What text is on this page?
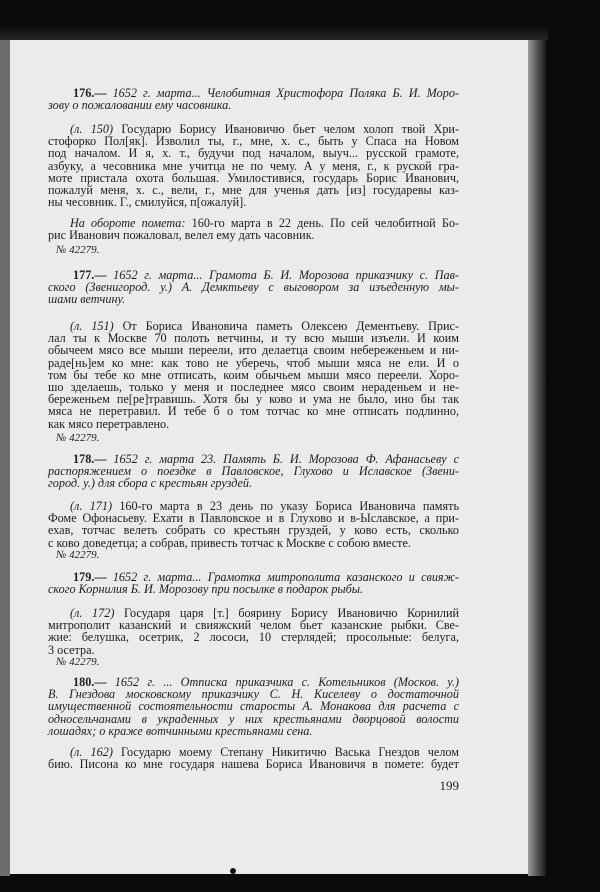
176.— 1652 г. марта... Челобитная Христофора Поляка Б. И. Моро-
зову о пожаловании ему часовника.
(л. 150) Государю Борису Ивановичю бьет челом холоп твой Хри-
стофорко Пол[як]. Изволил ты, г., мне, х. с., быть у Спаса на Новом
под началом. И я, х. т., будучи под началом, выуч... русской грамоте,
азбуку, а чесовника мне учитца не по чему. А у меня, г., к руской гра-
моте пристала охота большая. Умилостивися, государь Борис Иванович,
пожалуй меня, х. с., вели, г., мне для ученья дать [из] государевы каз-
ны чесовник. Г., смилуйся, п[ожалуй].
На обороте помета: 160-го марта в 22 день. По сей челобитной Бо-
рис Иванович пожаловал, велел ему дать часовник.
№ 42279.
177.— 1652 г. марта... Грамота Б. И. Морозова приказчику с. Пав-
ского (Звенигород. у.) А. Демктьеву с выговором за изъеденную мы-
шами ветчину.
(л. 151) От Бориса Ивановича паметь Олексею Дементьеву. Прис-
лал ты к Москве 70 полоть ветчины, и ту всю мыши изъели. И коим
обычеем мясо все мыши переели, ито делаетца своим небереженьем и ни-
раде[нь]ем ко мне: как тово не уберечь, чтоб мыши мяса не ели. И о
том бы тебе ко мне отписать, коим обычьем мыши мясо переели. Хоро-
шо зделаешь, только у меня и последнее мясо своим нераденьем и не-
береженьем пе[ре]травишь. Хотя бы у ково и ума не было, ино бы так
мяса не перетравил. И тебе б о том тотчас ко мне отписать подлинно,
как мясо перетравлено.
№ 42279.
178.— 1652 г. марта 23. Память Б. И. Морозова Ф. Афанасьеву с
распоряжением о поездке в Павловское, Глухово и Иславское (Звени-
город. у.) для сбора с крестьян груздей.
(л. 171) 160-го марта в 23 день по указу Бориса Ивановича память
Фоме Офонасьеву. Ехати в Павловское и в Глухово и в-Ыславское, а при-
ехав, тотчас велеть собрать со крестьян груздей, у ково есть, сколько
с ково доведетца; а собрав, привесть тотчас к Москве с собою вместе.
№ 42279.
179.— 1652 г. марта... Грамотка митрополита казанского и свияж-
ского Корнилия Б. И. Морозову при посылке в подарок рыбы.
(л. 172) Государя царя [т.] боярину Борису Ивановичю Корнилий
митрополит казанский и свияжский челом бьет казанские рыбки. Све-
жие: белушка, осетрик, 2 лососи, 10 стерлядей; просольные: белуга,
3 осетра.
№ 42279.
180.— 1652 г. ... Отписка приказчика с. Котельников (Москов. у.)
В. Гнездова московскому приказчику С. Н. Киселеву о достаточной
имущественной состоятельности старосты А. Монакова для расчета с
односельчанами в украденных у них крестьянами дворцовой волости
лошадях; о краже вотчинными крестьянами сена.
(л. 162) Государю моему Степану Никитичю Васька Гнездов челом
бию. Писона ко мне государя нашева Бориса Ивановичя в помете: будет
199
